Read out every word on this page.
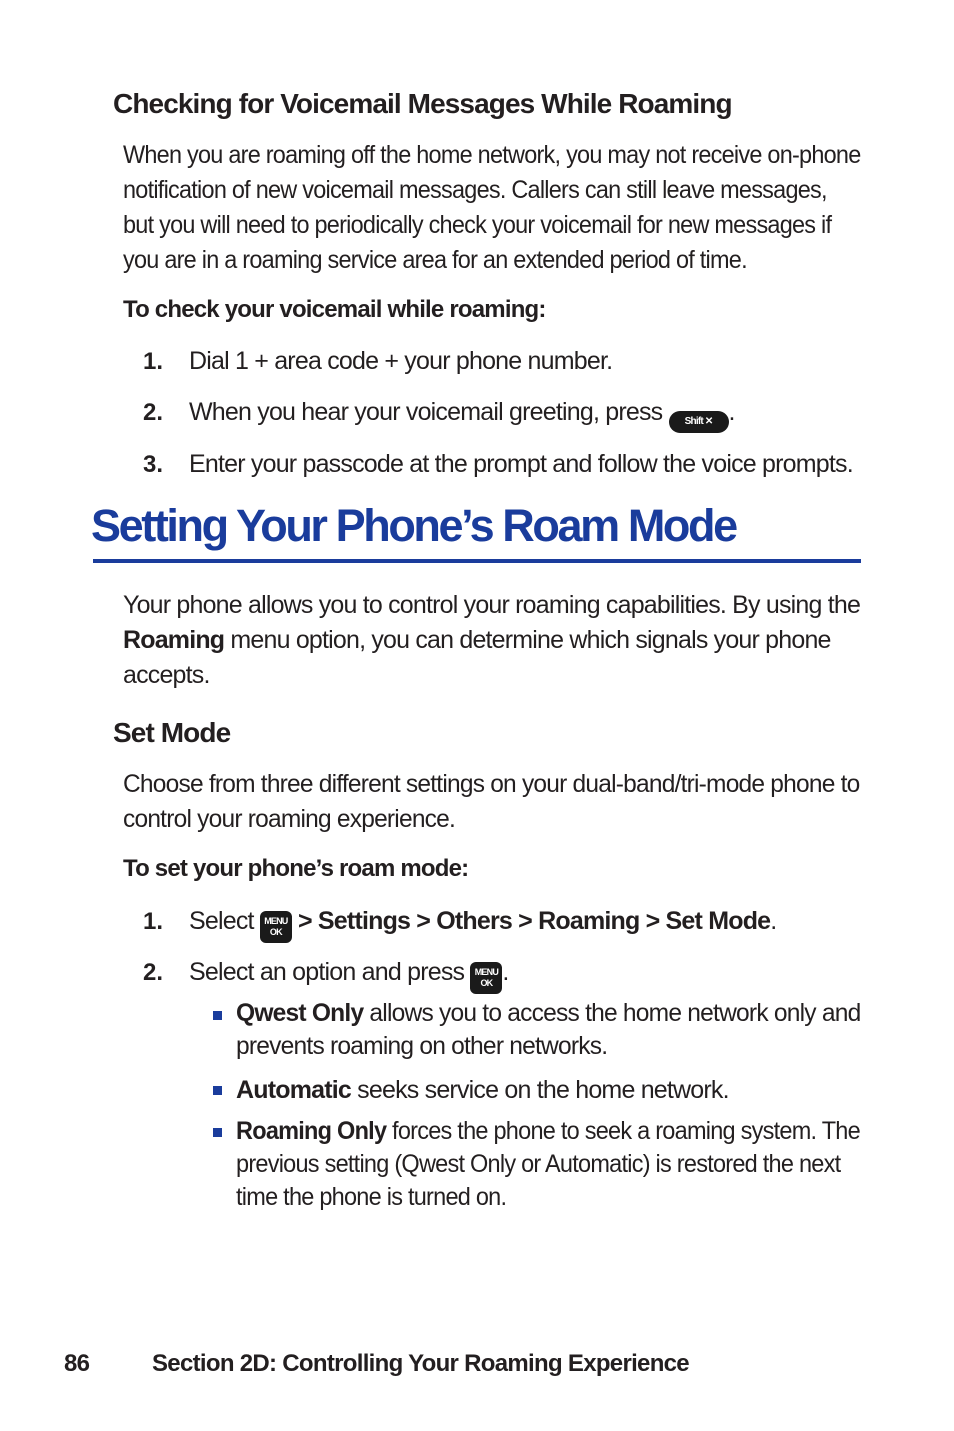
Checking for Voicemail Messages While Roaming
When you are roaming off the home network, you may not receive on-phone
notification of new voicemail messages. Callers can still leave messages,
but you will need to periodically check your voicemail for new messages if
you are in a roaming service area for an extended period of time.
To check your voicemail while roaming:
1. Dial 1 + area code + your phone number.
2. When you hear your voicemail greeting, press Shift ✕ .
3. Enter your passcode at the prompt and follow the voice prompts.
Setting Your Phone’s Roam Mode
Your phone allows you to control your roaming capabilities. By using the
Roaming menu option, you can determine which signals your phone
accepts.
Set Mode
Choose from three different settings on your dual-band/tri-mode phone to
control your roaming experience.
To set your phone’s roam mode:
1. Select MENU OK > Settings > Others > Roaming > Set Mode.
2. Select an option and press MENU OK .
Qwest Only allows you to access the home network only and
prevents roaming on other networks.
Automatic seeks service on the home network.
Roaming Only forces the phone to seek a roaming system. The
previous setting (Qwest Only or Automatic) is restored the next
time the phone is turned on.
86	Section 2D: Controlling Your Roaming Experience
